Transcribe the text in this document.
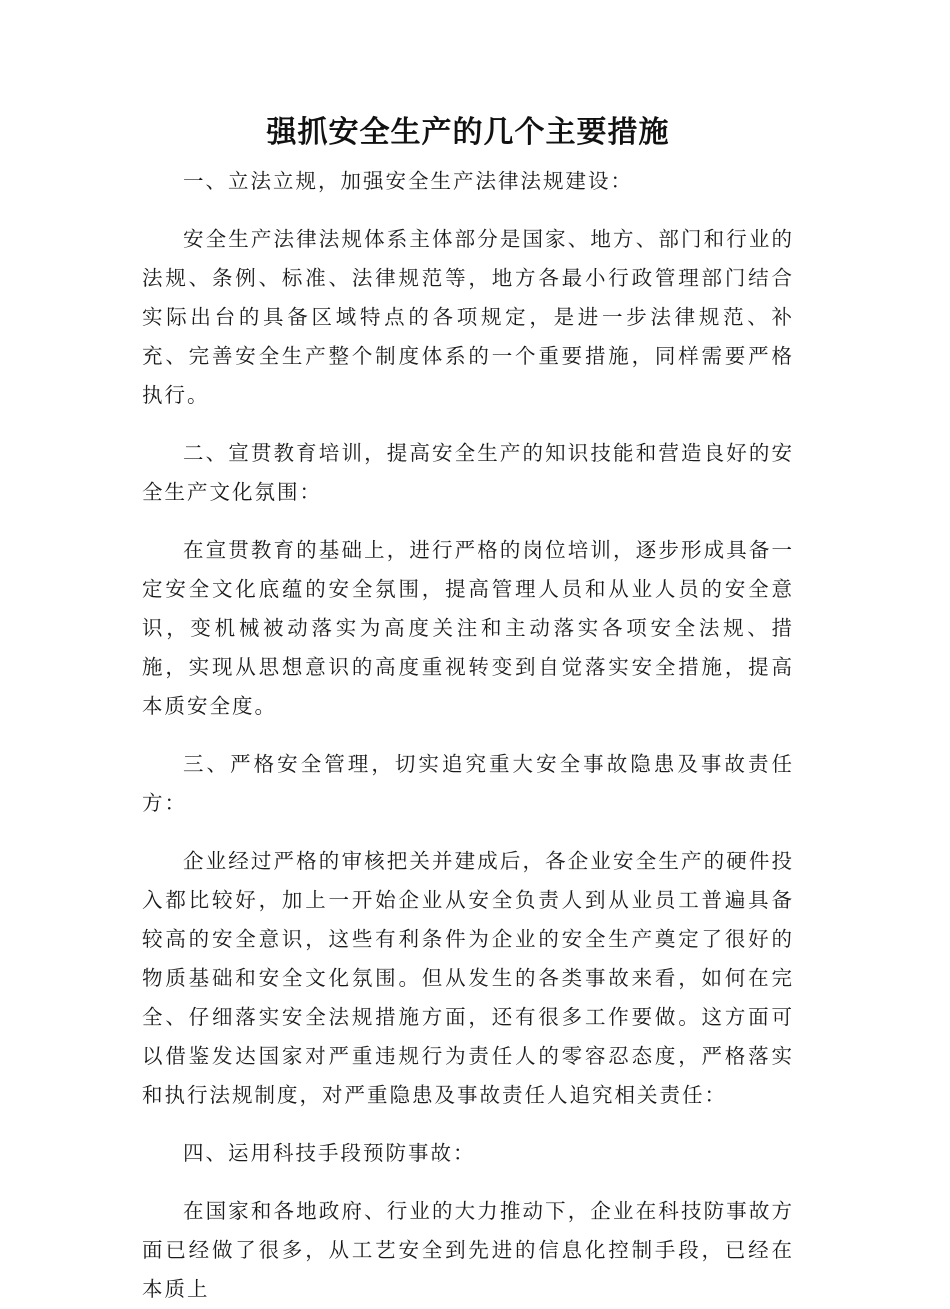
强抓安全生产的几个主要措施

一、立法立规，加强安全生产法律法规建设：

安全生产法律法规体系主体部分是国家、地方、部门和行业的法规、条例、标准、法律规范等，地方各最小行政管理部门结合实际出台的具备区域特点的各项规定，是进一步法律规范、补充、完善安全生产整个制度体系的一个重要措施，同样需要严格执行。

二、宣贯教育培训，提高安全生产的知识技能和营造良好的安全生产文化氛围：

在宣贯教育的基础上，进行严格的岗位培训，逐步形成具备一定安全文化底蕴的安全氛围，提高管理人员和从业人员的安全意识，变机械被动落实为高度关注和主动落实各项安全法规、措施，实现从思想意识的高度重视转变到自觉落实安全措施，提高本质安全度。

三、严格安全管理，切实追究重大安全事故隐患及事故责任方：

企业经过严格的审核把关并建成后，各企业安全生产的硬件投入都比较好，加上一开始企业从安全负责人到从业员工普遍具备较高的安全意识，这些有利条件为企业的安全生产奠定了很好的物质基础和安全文化氛围。但从发生的各类事故来看，如何在完全、仔细落实安全法规措施方面，还有很多工作要做。这方面可以借鉴发达国家对严重违规行为责任人的零容忍态度，严格落实和执行法规制度，对严重隐患及事故责任人追究相关责任：

四、运用科技手段预防事故：

在国家和各地政府、行业的大力推动下，企业在科技防事故方面已经做了很多，从工艺安全到先进的信息化控制手段，已经在本质上
